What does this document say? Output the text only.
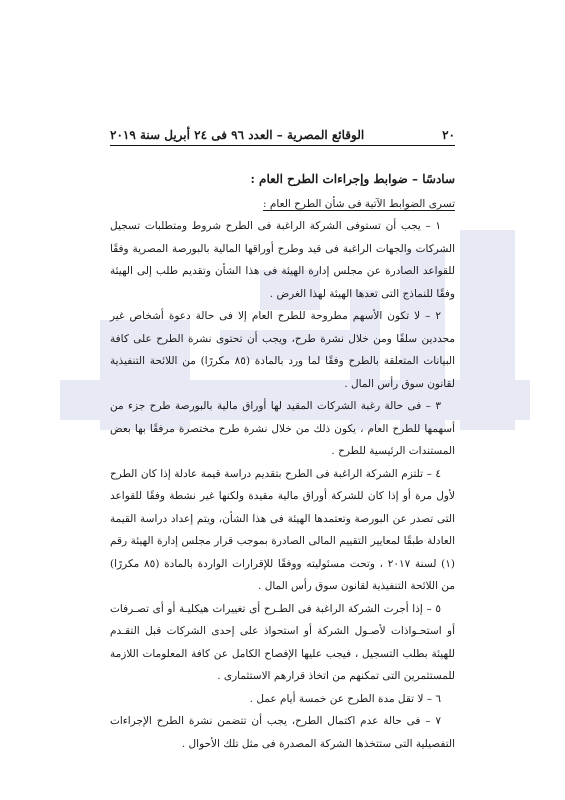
٢٠
الوقائع المصرية – العدد ٩٦ فى ٢٤ أبريل سنة ٢٠١٩

سادسًا – ضوابط وإجراءات الطرح العام :

تسرى الضوابط الآتية فى شأن الطرح العام :

١ – يجب أن تستوفى الشركة الراغبة فى الطرح شروط ومتطلبات تسجيل الشركات والجهات الراغبة فى قيد وطرح أوراقها المالية بالبورصة المصرية وفقًا للقواعد الصادرة عن مجلس إدارة الهيئة فى هذا الشأن وتقديم طلب إلى الهيئة وفقًا للنماذج التى تعدها الهيئة لهذا الغرض .

٢ – لا تكون الأسهم مطروحة للطرح العام إلا فى حالة دعوة أشخاص غير محددين سلفًا ومن خلال نشرة طرح، ويجب أن تحتوى نشرة الطرح على كافة البيانات المتعلقة بالطرح وفقًا لما ورد بالمادة (٨٥ مكررًا) من اللائحة التنفيذية لقانون سوق رأس المال .

٣ – فى حالة رغبة الشركات المقيد لها أوراق مالية بالبورصة طرح جزء من أسهمها للطرح العام ، يكون ذلك من خلال نشرة طرح مختصرة مرفقًا بها بعض المستندات الرئيسية للطرح .

٤ – تلتزم الشركة الراغبة فى الطرح بتقديم دراسة قيمة عادلة إذا كان الطرح لأول مرة أو إذا كان للشركة أوراق مالية مقيدة ولكنها غير نشطة وفقًا للقواعد التى تصدر عن البورصة وتعتمدها الهيئة فى هذا الشأن، ويتم إعداد دراسة القيمة العادلة طبقًا لمعايير التقييم المالى الصادرة بموجب قرار مجلس إدارة الهيئة رقم (١) لسنة ٢٠١٧ ، وتحت مسئوليته ووفقًا للإقرارات الواردة بالمادة (٨٥ مكررًا) من اللائحة التنفيذية لقانون سوق رأس المال .

٥ – إذا أجرت الشركة الراغبة فى الطـرح أى تغييرات هيكليـة أو أى تصـرفات أو استحـواذات لأصـول الشركة أو استحواذ على إحدى الشركات قبل التقـدم للهيئة بطلب التسجيل ، فيجب عليها الإفصاح الكامل عن كافة المعلومات اللازمة للمستثمرين التى تمكنهم من اتخاذ قرارهم الاستثمارى .

٦ – لا تقل مدة الطرح عن خمسة أيام عمل .

٧ – فى حالة عدم اكتمال الطرح، يجب أن تتضمن نشرة الطرح الإجراءات التفصيلية التى ستتخذها الشركة المصدرة فى مثل تلك الأحوال .
